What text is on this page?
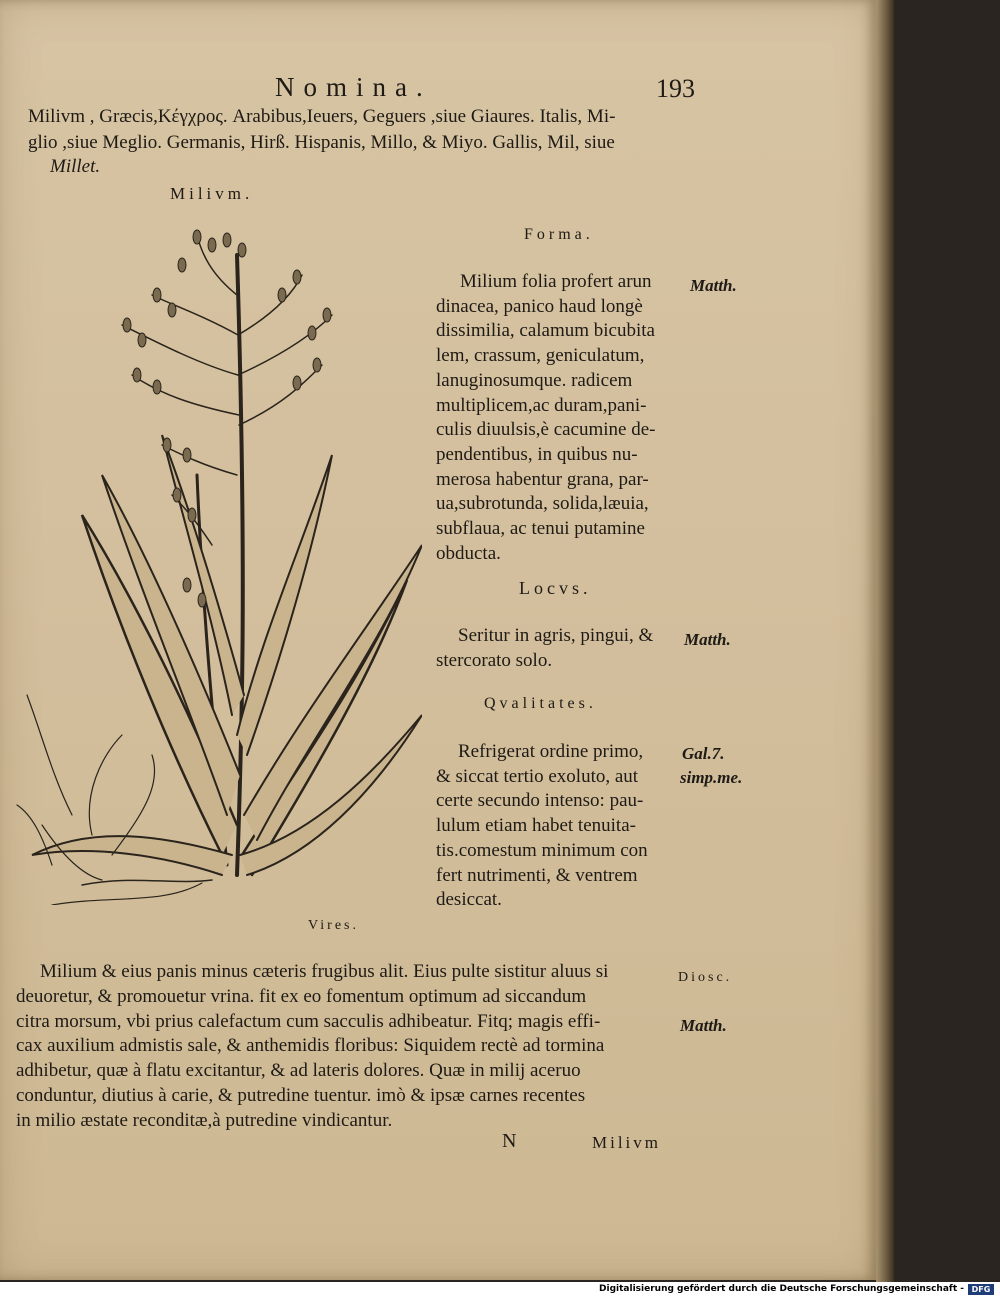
Nomina.	193
Milivm , Græcis,Κέγχρος. Arabibus,Ieuers, Geguers ,siue Giaures. Italis, Mi-
glio ,siue Meglio. Germanis, Hirß. Hispanis, Millo, & Miyo. Gallis, Mil, siue
Millet.
Milivm.
Forma.
Milium folia profert arun
dinacea, panico haud longè
dissimilia, calamum bicubita
lem, crassum, geniculatum,
lanuginosumque. radicem
multiplicem,ac duram,pani-
culis diuulsis,è cacumine de-
pendentibus, in quibus nu-
merosa habentur grana, par-
ua,subrotunda, solida,læuia,
subflaua, ac tenui putamine
obducta.
Matth.
Locvs.
Seritur in agris, pingui, &
stercorato solo.
Matth.
Qvalitates.
Refrigerat ordine primo,
& siccat tertio exoluto, aut
certe secundo intenso: pau-
lulum etiam habet tenuita-
tis.comestum minimum con
fert nutrimenti, & ventrem
desiccat.
Gal.7.
simp.me.
Vires.
Milium & eius panis minus cæteris frugibus alit. Eius pulte sistitur aluus si
deuoretur, & promouetur vrina. fit ex eo fomentum optimum ad siccandum
citra morsum, vbi prius calefactum cum sacculis adhibeatur. Fitq; magis effi-
cax auxilium admistis sale, & anthemidis floribus: Siquidem rectè ad tormina
adhibetur, quæ à flatu excitantur, & ad lateris dolores. Quæ in milij aceruo
conduntur, diutius à carie, & putredine tuentur. imò & ipsæ carnes recentes
in milio æstate reconditæ,à putredine vindicantur.
Diosc.
Matth.
N	Milivm
Digitalisierung gefördert durch die Deutsche Forschungsgemeinschaft - DFG
